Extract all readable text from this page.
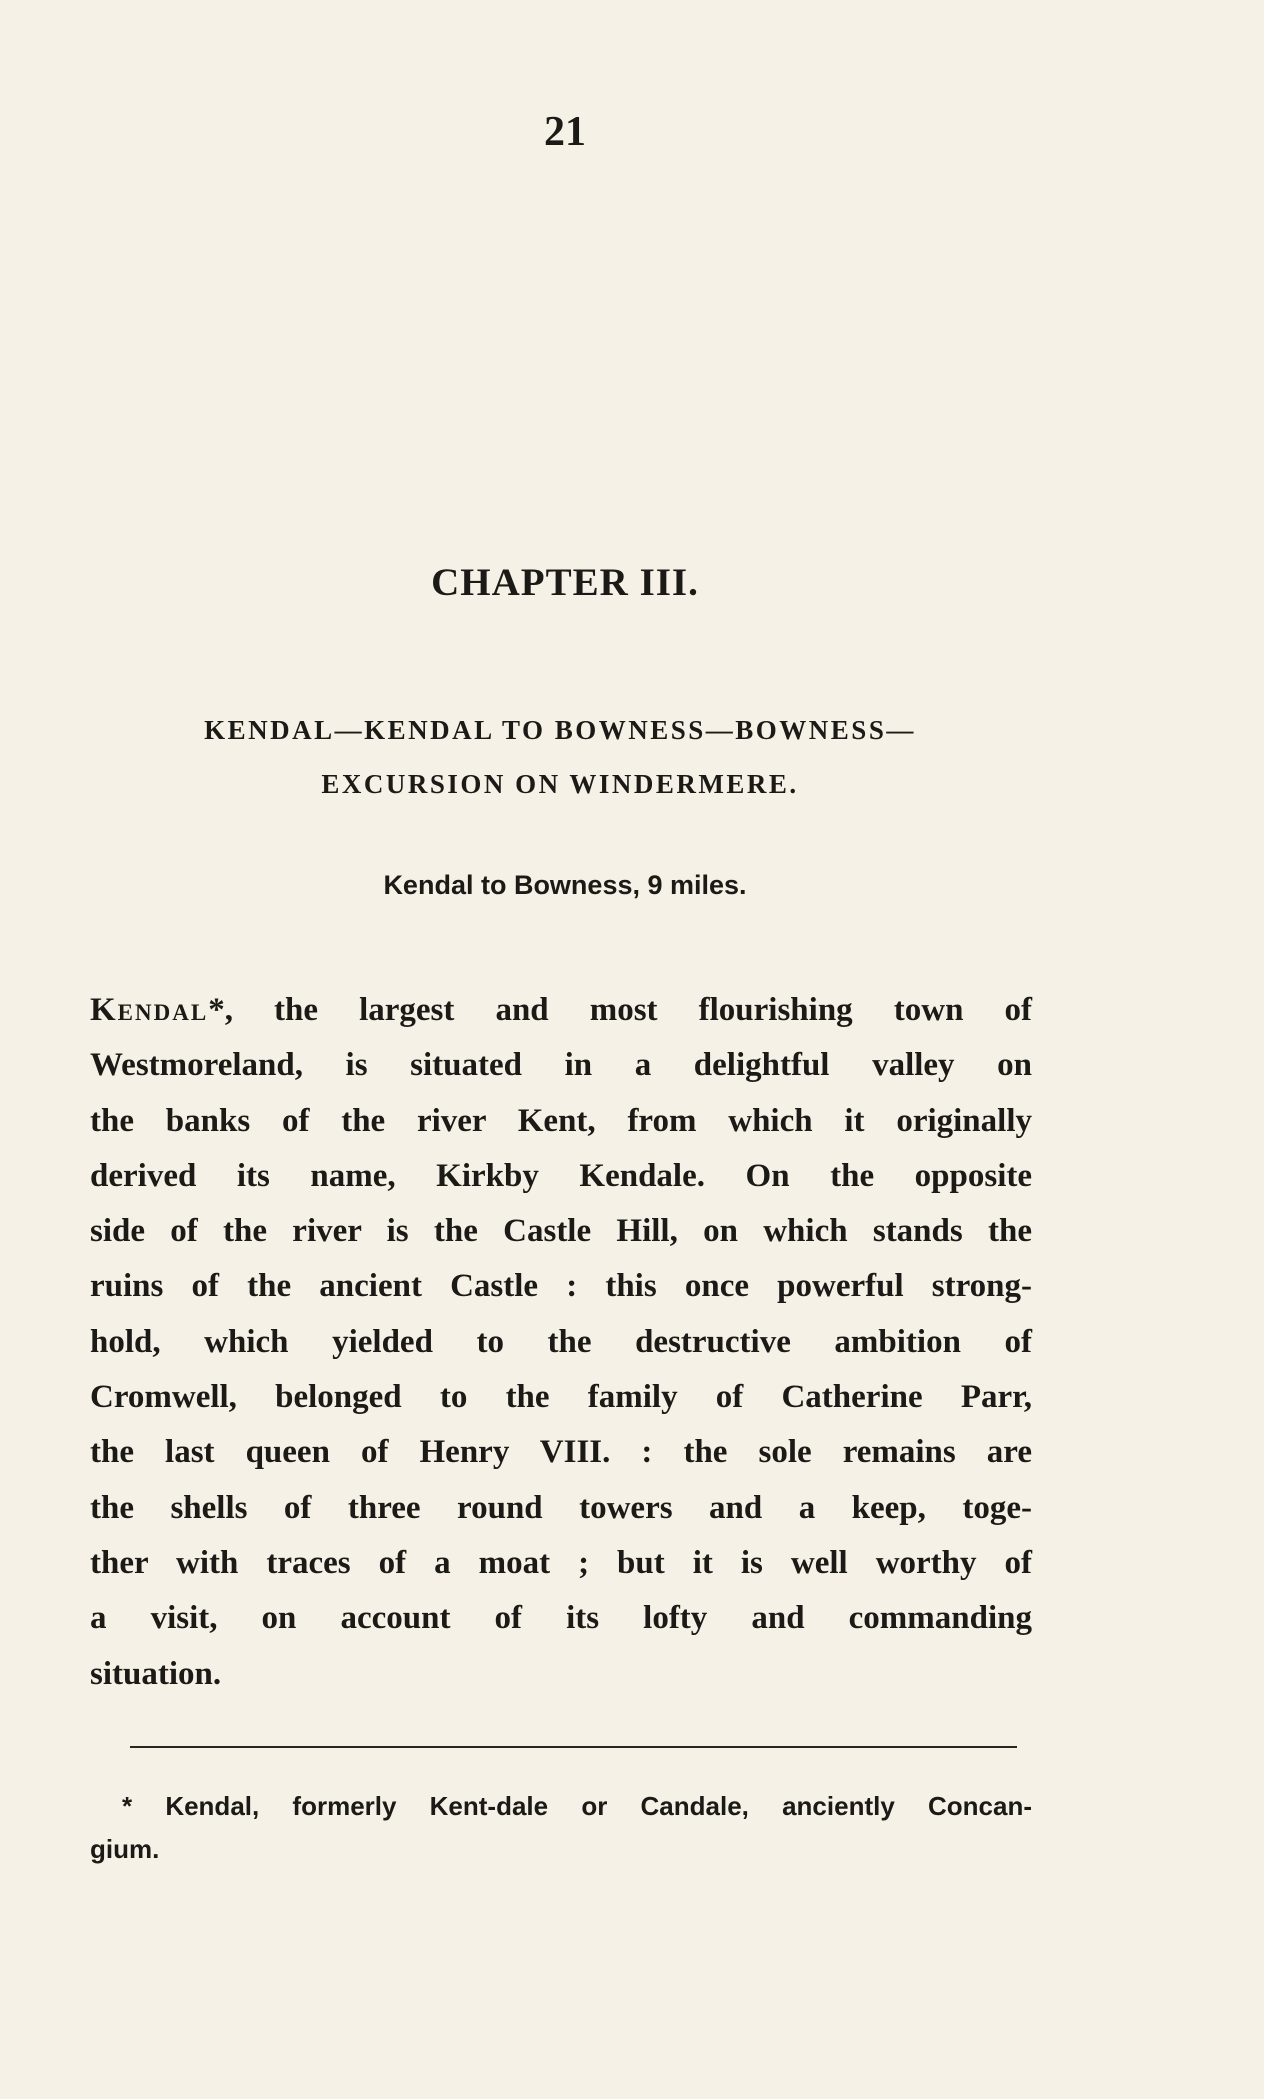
21
CHAPTER III.
KENDAL—KENDAL TO BOWNESS—BOWNESS—
EXCURSION ON WINDERMERE.
Kendal to Bowness, 9 miles.
Kendal*, the largest and most flourishing town of
Westmoreland, is situated in a delightful valley on
the banks of the river Kent, from which it originally
derived its name, Kirkby Kendale. On the opposite
side of the river is the Castle Hill, on which stands the
ruins of the ancient Castle : this once powerful strong-
hold, which yielded to the destructive ambition of
Cromwell, belonged to the family of Catherine Parr,
the last queen of Henry VIII. : the sole remains are
the shells of three round towers and a keep, toge-
ther with traces of a moat ; but it is well worthy of
a visit, on account of its lofty and commanding
situation.
* Kendal, formerly Kent-dale or Candale, anciently Concan-
gium.
